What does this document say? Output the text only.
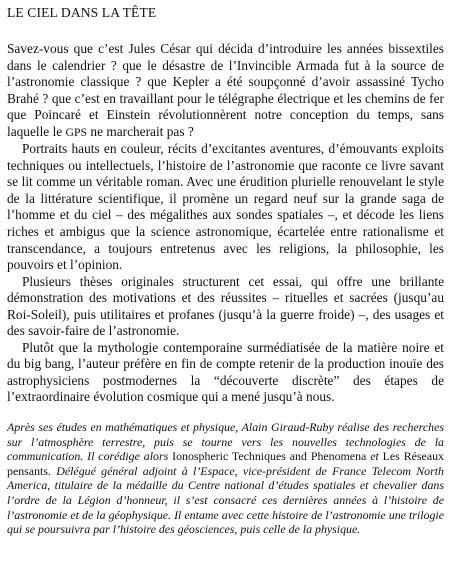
LE CIEL DANS LA TÊTE

Savez-vous que c’est Jules César qui décida d’introduire les années bissextiles dans le calendrier ? que le désastre de l’Invincible Armada fut à la source de l’astronomie classique ? que Kepler a été soupçonné d’avoir assassiné Tycho Brahé ? que c’est en travaillant pour le télégraphe électrique et les chemins de fer que Poincaré et Einstein révolutionnèrent notre conception du temps, sans laquelle le GPS ne marcherait pas ?

Portraits hauts en couleur, récits d’excitantes aventures, d’émouvants exploits techniques ou intellectuels, l’histoire de l’astronomie que raconte ce livre savant se lit comme un véritable roman. Avec une érudition plurielle renouvelant le style de la littérature scientifique, il promène un regard neuf sur la grande saga de l’homme et du ciel – des mégalithes aux sondes spatiales –, et décode les liens riches et ambigus que la science astronomique, écartelée entre rationalisme et transcendance, a toujours entretenus avec les religions, la philosophie, les pouvoirs et l’opinion.

Plusieurs thèses originales structurent cet essai, qui offre une brillante démonstration des motivations et des réussites – rituelles et sacrées (jusqu’au Roi-Soleil), puis utilitaires et profanes (jusqu’à la guerre froide) –, des usages et des savoir-faire de l’astronomie.

Plutôt que la mythologie contemporaine surmédiatisée de la matière noire et du big bang, l’auteur préfère en fin de compte retenir de la production inouïe des astrophysiciens postmodernes la “découverte discrète” des étapes de l’extraordinaire évolution cosmique qui a mené jusqu’à nous.

Après ses études en mathématiques et physique, Alain Giraud-Ruby réalise des recherches sur l’atmosphère terrestre, puis se tourne vers les nouvelles technologies de la communication. Il corédige alors Ionospheric Techniques and Phenomena et Les Réseaux pensants. Délégué général adjoint à l’Espace, vice-président de France Telecom North America, titulaire de la médaille du Centre national d’études spatiales et chevalier dans l’ordre de la Légion d’honneur, il s’est consacré ces dernières années à l’histoire de l’astronomie et de la géophysique. Il entame avec cette histoire de l’astronomie une trilogie qui se poursuivra par l’histoire des géosciences, puis celle de la physique.
